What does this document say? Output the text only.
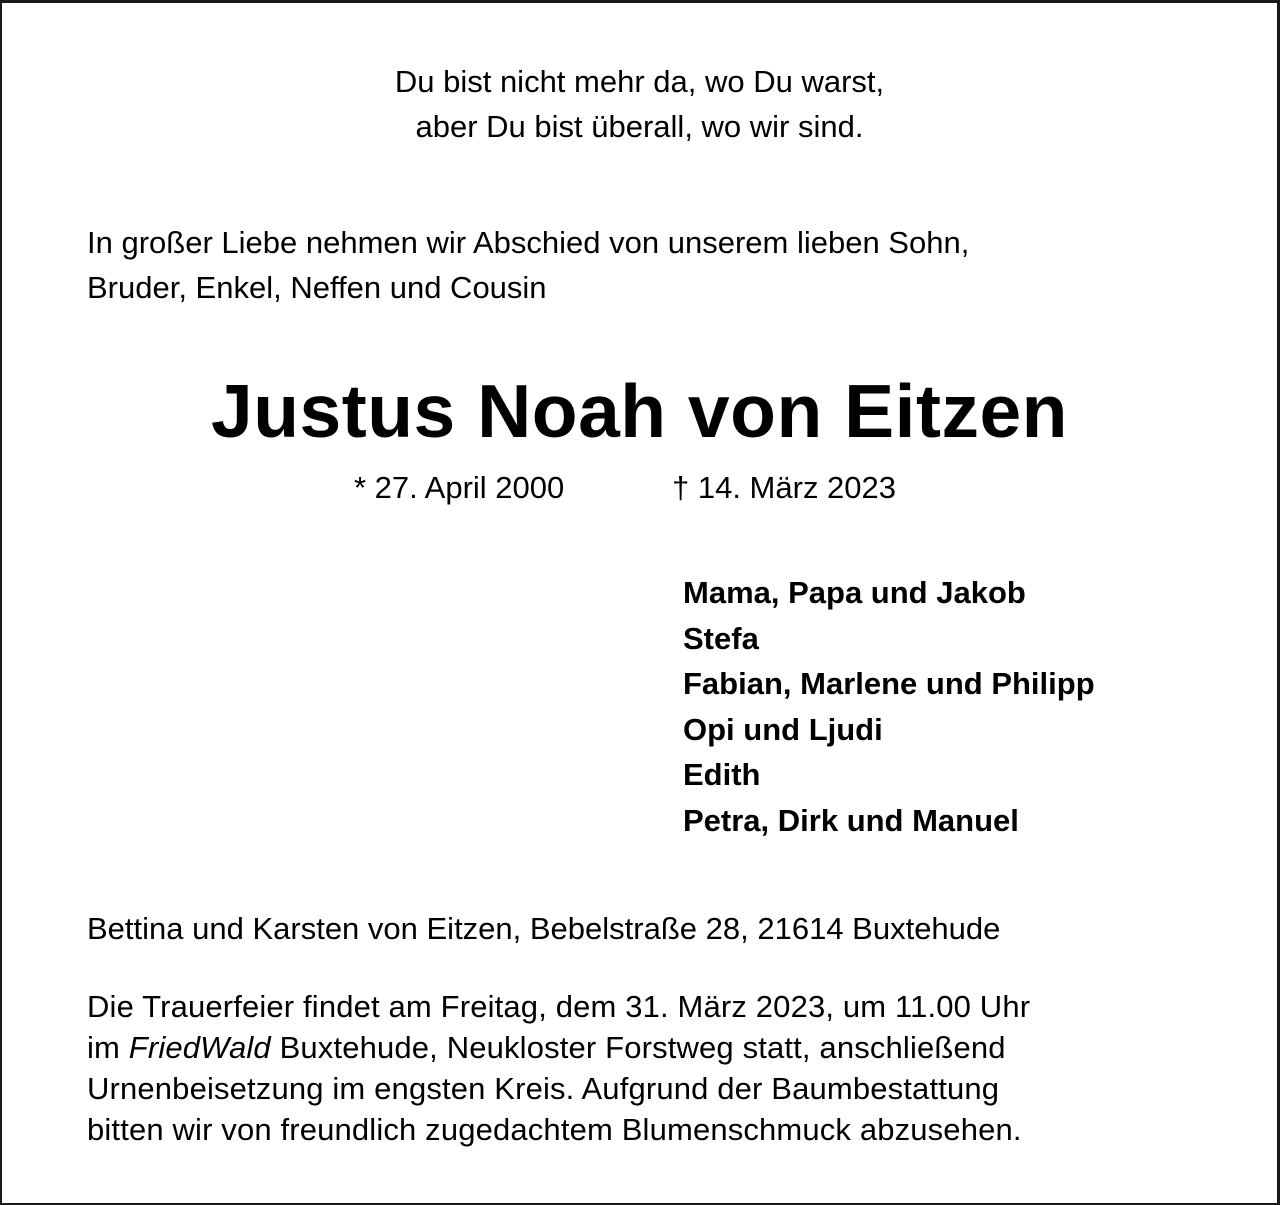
Du bist nicht mehr da, wo Du warst,
aber Du bist überall, wo wir sind.
In großer Liebe nehmen wir Abschied von unserem lieben Sohn,
Bruder, Enkel, Neffen und Cousin
Justus Noah von Eitzen
* 27. April 2000	† 14. März 2023
Mama, Papa und Jakob
Stefa
Fabian, Marlene und Philipp
Opi und Ljudi
Edith
Petra, Dirk und Manuel
Bettina und Karsten von Eitzen, Bebelstraße 28, 21614 Buxtehude
Die Trauerfeier findet am Freitag, dem 31. März 2023, um 11.00 Uhr
im FriedWald Buxtehude, Neukloster Forstweg statt, anschließend
Urnenbeisetzung im engsten Kreis. Aufgrund der Baumbestattung
bitten wir von freundlich zugedachtem Blumenschmuck abzusehen.
